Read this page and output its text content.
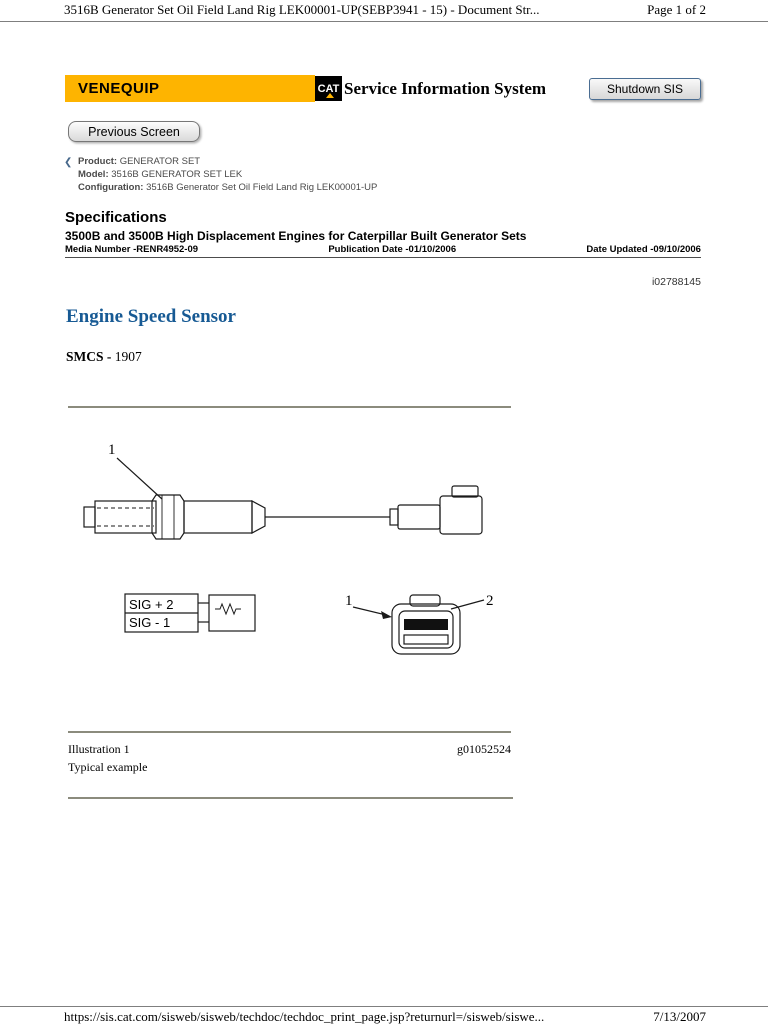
3516B Generator Set Oil Field Land Rig LEK00001-UP(SEBP3941 - 15) - Document Str...	Page 1 of 2
VENEQUIP	CAT Service Information System	Shutdown SIS
Previous Screen
❮ Product: GENERATOR SET
Model: 3516B GENERATOR SET LEK
Configuration: 3516B Generator Set Oil Field Land Rig LEK00001-UP
Specifications
3500B and 3500B High Displacement Engines for Caterpillar Built Generator Sets
Media Number -RENR4952-09	Publication Date -01/10/2006	Date Updated -09/10/2006
i02788145
Engine Speed Sensor
SMCS - 1907
1
SIG + 2
SIG - 1
1	2
Illustration 1	g01052524
Typical example
https://sis.cat.com/sisweb/sisweb/techdoc/techdoc_print_page.jsp?returnurl=/sisweb/siswe...	7/13/2007
